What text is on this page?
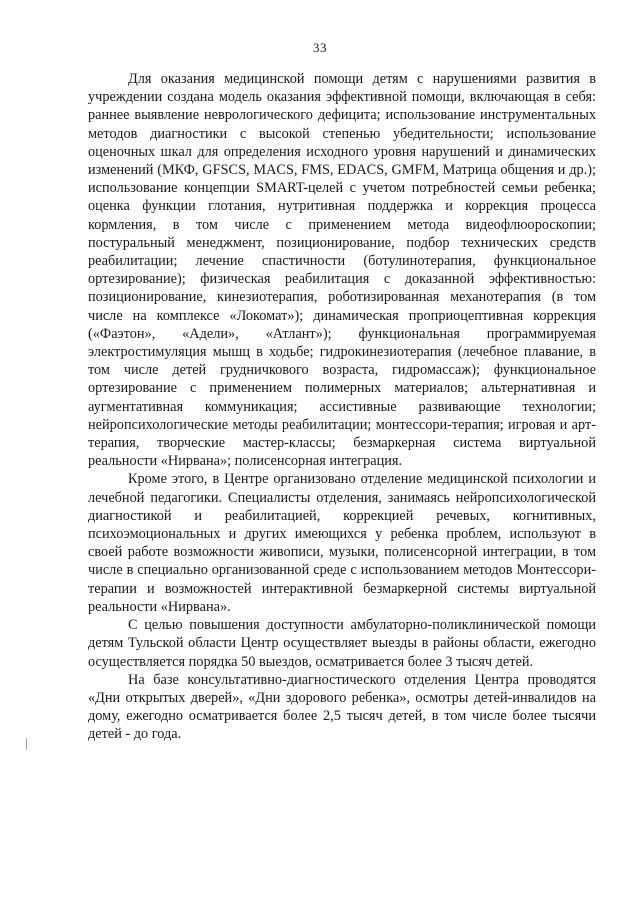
33

Для оказания медицинской помощи детям с нарушениями развития в учреждении создана модель оказания эффективной помощи, включающая в себя: раннее выявление неврологического дефицита; использование инструментальных методов диагностики с высокой степенью убедительности; использование оценочных шкал для определения исходного уровня нарушений и динамических изменений (МКФ, GFSCS, MACS, FMS, EDACS, GMFM, Матрица общения и др.); использование концепции SMART-целей с учетом потребностей семьи ребенка; оценка функции глотания, нутритивная поддержка и коррекция процесса кормления, в том числе с применением метода видеофлюороскопии; постуральный менеджмент, позиционирование, подбор технических средств реабилитации; лечение спастичности (ботулинотерапия, функциональное ортезирование); физическая реабилитация с доказанной эффективностью: позиционирование, кинезиотерапия, роботизированная механотерапия (в том числе на комплексе «Локомат»); динамическая проприоцептивная коррекция («Фаэтон», «Адели», «Атлант»); функциональная программируемая электростимуляция мышц в ходьбе; гидрокинезиотерапия (лечебное плавание, в том числе детей грудничкового возраста, гидромассаж); функциональное ортезирование с применением полимерных материалов; альтернативная и аугментативная коммуникация; ассистивные развивающие технологии; нейропсихологические методы реабилитации; монтессори-терапия; игровая и арт-терапия, творческие мастер-классы; безмаркерная система виртуальной реальности «Нирвана»; полисенсорная интеграция.

Кроме этого, в Центре организовано отделение медицинской психологии и лечебной педагогики. Специалисты отделения, занимаясь нейропсихологической диагностикой и реабилитацией, коррекцией речевых, когнитивных, психоэмоциональных и других имеющихся у ребенка проблем, используют в своей работе возможности живописи, музыки, полисенсорной интеграции, в том числе в специально организованной среде с использованием методов Монтессори-терапии и возможностей интерактивной безмаркерной системы виртуальной реальности «Нирвана».

С целью повышения доступности амбулаторно-поликлинической помощи детям Тульской области Центр осуществляет выезды в районы области, ежегодно осуществляется порядка 50 выездов, осматривается более 3 тысяч детей.

На базе консультативно-диагностического отделения Центра проводятся «Дни открытых дверей», «Дни здорового ребенка», осмотры детей-инвалидов на дому, ежегодно осматривается более 2,5 тысяч детей, в том числе более тысячи детей - до года.
